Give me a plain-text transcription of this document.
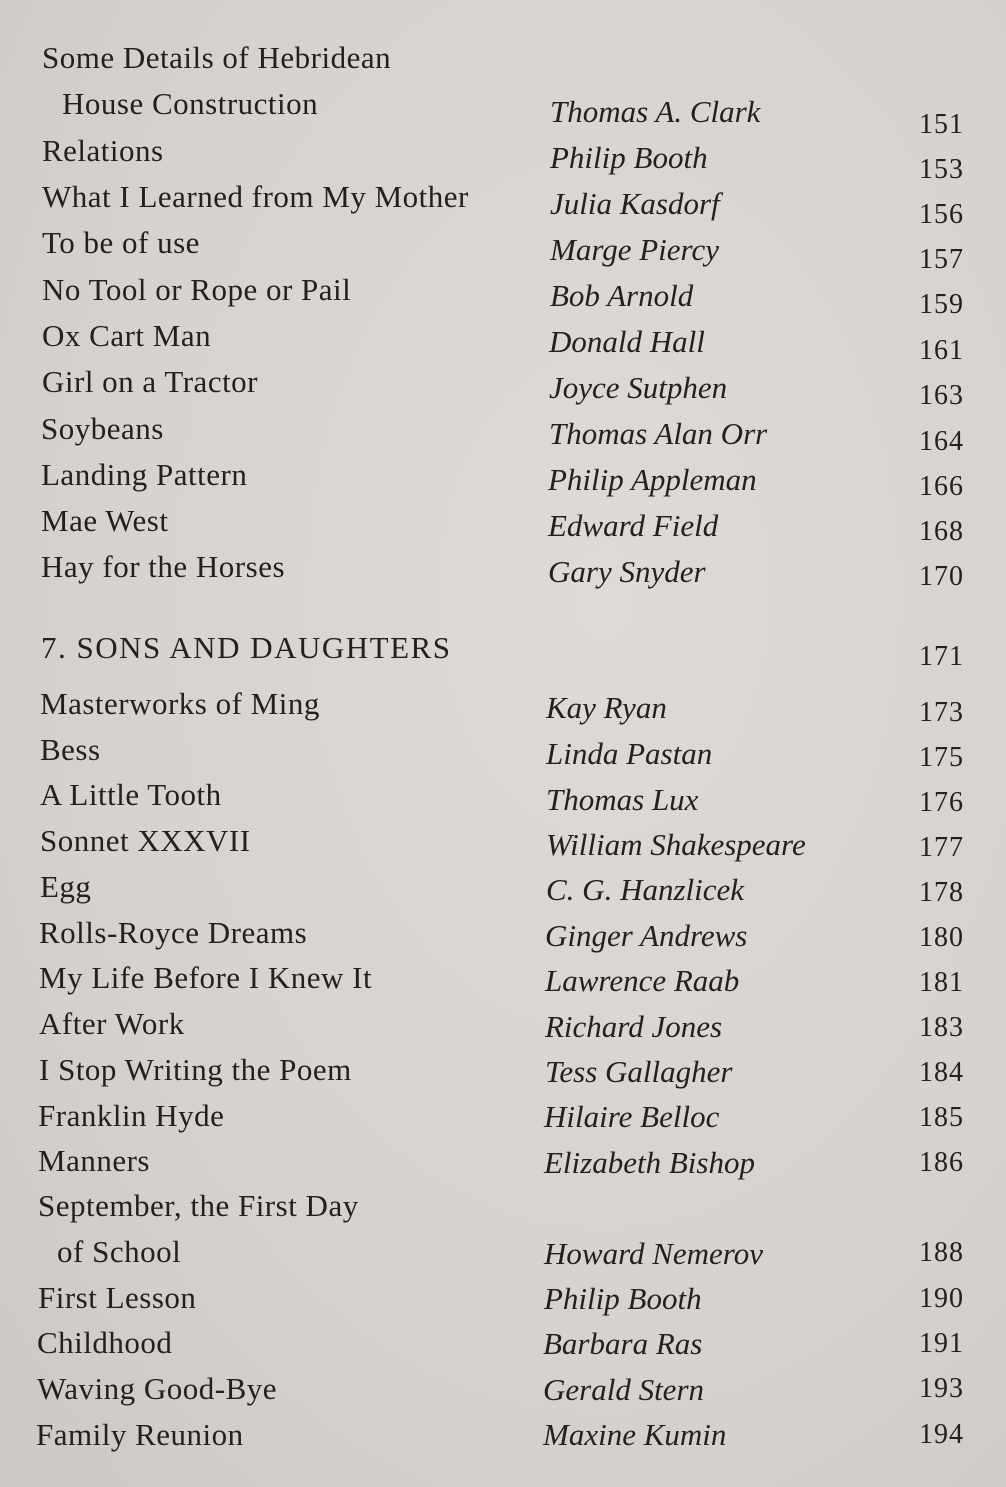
Some Details of Hebridean
House Construction	Thomas A. Clark	151
Relations	Philip Booth	153
What I Learned from My Mother	Julia Kasdorf	156
To be of use	Marge Piercy	157
No Tool or Rope or Pail	Bob Arnold	159
Ox Cart Man	Donald Hall	161
Girl on a Tractor	Joyce Sutphen	163
Soybeans	Thomas Alan Orr	164
Landing Pattern	Philip Appleman	166
Mae West	Edward Field	168
Hay for the Horses	Gary Snyder	170
7. SONS AND DAUGHTERS	171
Masterworks of Ming	Kay Ryan	173
Bess	Linda Pastan	175
A Little Tooth	Thomas Lux	176
Sonnet XXXVII	William Shakespeare	177
Egg	C. G. Hanzlicek	178
Rolls-Royce Dreams	Ginger Andrews	180
My Life Before I Knew It	Lawrence Raab	181
After Work	Richard Jones	183
I Stop Writing the Poem	Tess Gallagher	184
Franklin Hyde	Hilaire Belloc	185
Manners	Elizabeth Bishop	186
September, the First Day
of School	Howard Nemerov	188
First Lesson	Philip Booth	190
Childhood	Barbara Ras	191
Waving Good-Bye	Gerald Stern	193
Family Reunion	Maxine Kumin	194
